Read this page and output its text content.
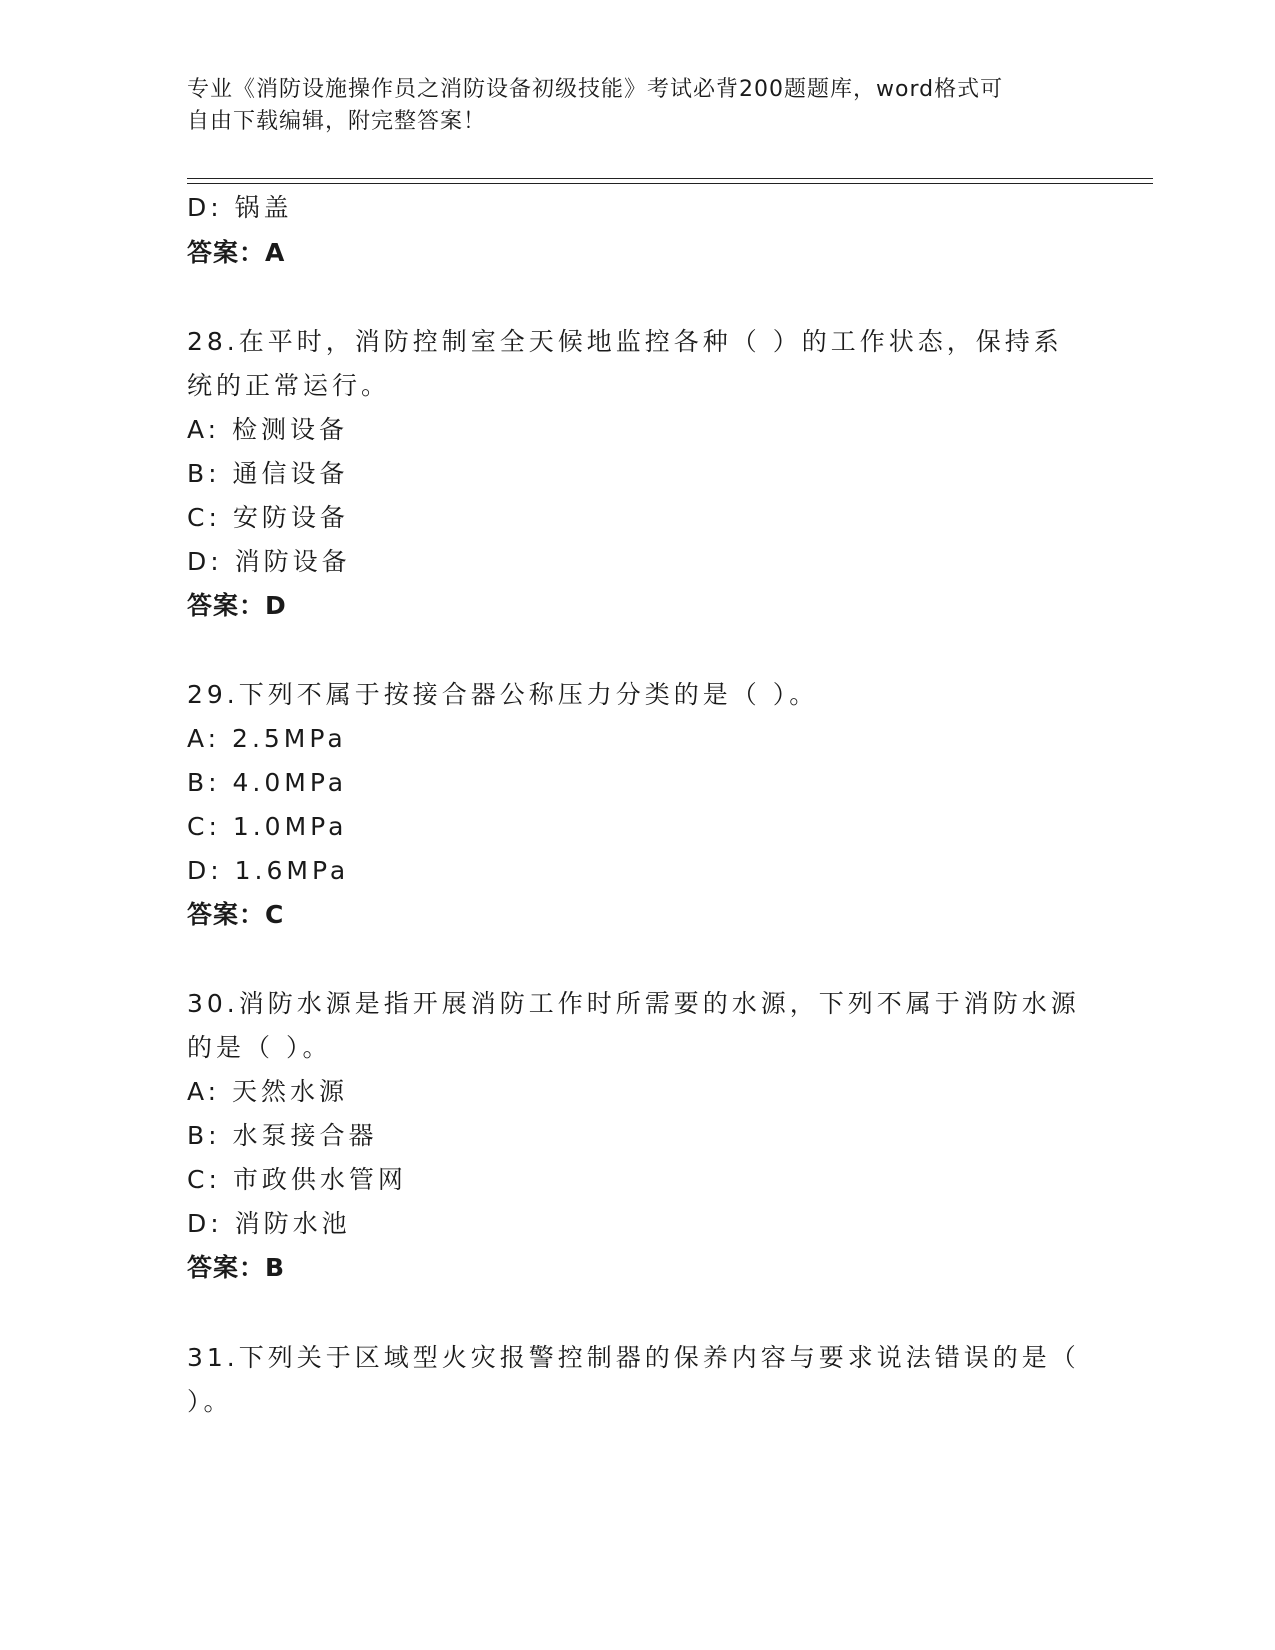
专业《消防设施操作员之消防设备初级技能》考试必背200题题库，word格式可
自由下载编辑，附完整答案！
D: 锅盖
答案：A
28.在平时，消防控制室全天候地监控各种（ ）的工作状态，保持系
统的正常运行。
A: 检测设备
B: 通信设备
C: 安防设备
D: 消防设备
答案：D
29.下列不属于按接合器公称压力分类的是（ ）。
A: 2.5MPa
B: 4.0MPa
C: 1.0MPa
D: 1.6MPa
答案：C
30.消防水源是指开展消防工作时所需要的水源，下列不属于消防水源
的是（ ）。
A: 天然水源
B: 水泵接合器
C: 市政供水管网
D: 消防水池
答案：B
31.下列关于区域型火灾报警控制器的保养内容与要求说法错误的是（
）。
